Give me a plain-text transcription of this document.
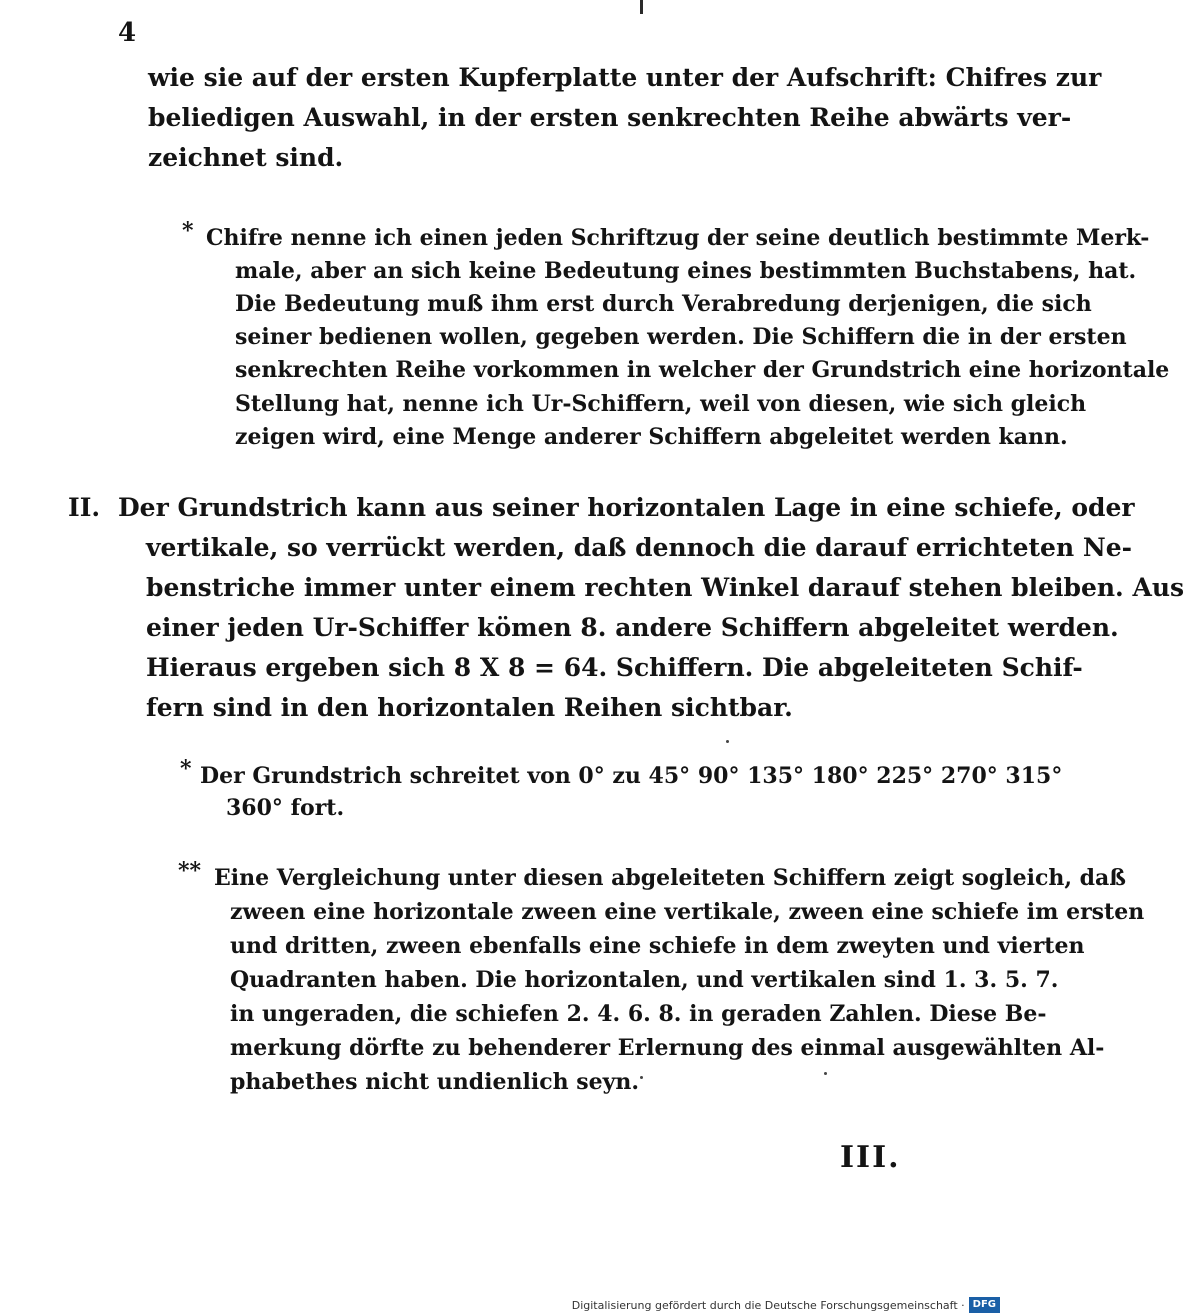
4
wie sie auf der ersten Kupferplatte unter der Aufschrift: Chifres zur
beliedigen Auswahl, in der ersten senkrechten Reihe abwärts ver-
zeichnet sind.
* Chifre nenne ich einen jeden Schriftzug der seine deutlich bestimmte Merk-
male, aber an sich keine Bedeutung eines bestimmten Buchstabens, hat.
Die Bedeutung muß ihm erst durch Verabredung derjenigen, die sich
seiner bedienen wollen, gegeben werden. Die Schiffern die in der ersten
senkrechten Reihe vorkommen in welcher der Grundstrich eine horizontale
Stellung hat, nenne ich Ur-Schiffern, weil von diesen, wie sich gleich
zeigen wird, eine Menge anderer Schiffern abgeleitet werden kann.
II. Der Grundstrich kann aus seiner horizontalen Lage in eine schiefe, oder
vertikale, so verrückt werden, daß dennoch die darauf errichteten Ne-
benstriche immer unter einem rechten Winkel darauf stehen bleiben. Aus
einer jeden Ur-Schiffer kömen 8. andere Schiffern abgeleitet werden.
Hieraus ergeben sich 8 X 8 = 64. Schiffern. Die abgeleiteten Schif-
fern sind in den horizontalen Reihen sichtbar.
* Der Grundstrich schreitet von 0° zu 45° 90° 135° 180° 225° 270° 315°
360° fort.
** Eine Vergleichung unter diesen abgeleiteten Schiffern zeigt sogleich, daß
zween eine horizontale zween eine vertikale, zween eine schiefe im ersten
und dritten, zween ebenfalls eine schiefe in dem zweyten und vierten
Quadranten haben. Die horizontalen, und vertikalen sind 1. 3. 5. 7.
in ungeraden, die schiefen 2. 4. 6. 8. in geraden Zahlen. Diese Be-
merkung dörfte zu behenderer Erlernung des einmal ausgewählten Al-
phabethes nicht undienlich seyn.
III.
Digitalisierung gefördert durch die Deutsche Forschungsgemeinschaft · DFG
